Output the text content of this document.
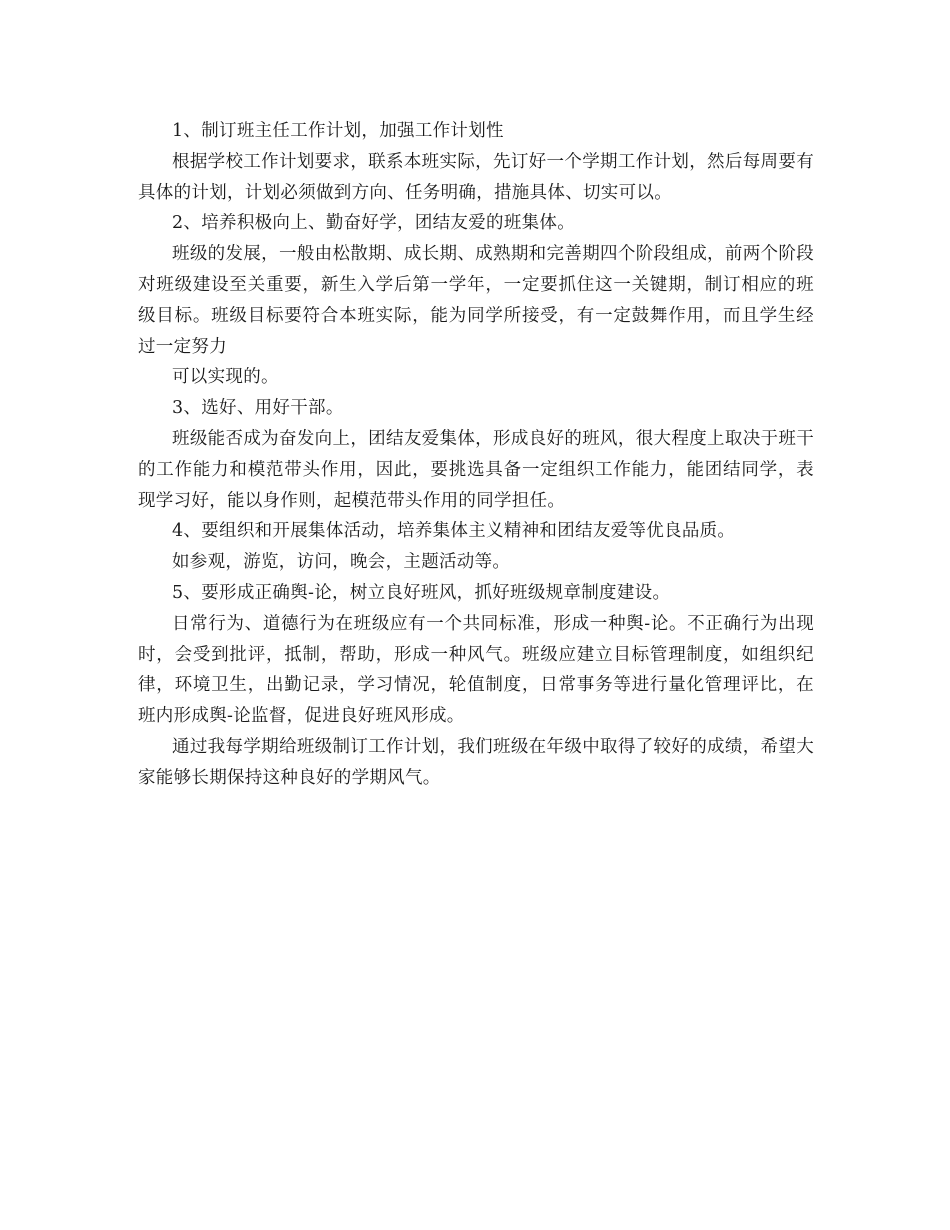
1、制订班主任工作计划，加强工作计划性

根据学校工作计划要求，联系本班实际，先订好一个学期工作计划，然后每周要有具体的计划，计划必须做到方向、任务明确，措施具体、切实可以。

2、培养积极向上、勤奋好学，团结友爱的班集体。

班级的发展，一般由松散期、成长期、成熟期和完善期四个阶段组成，前两个阶段对班级建设至关重要，新生入学后第一学年，一定要抓住这一关键期，制订相应的班级目标。班级目标要符合本班实际，能为同学所接受，有一定鼓舞作用，而且学生经过一定努力

可以实现的。

3、选好、用好干部。

班级能否成为奋发向上，团结友爱集体，形成良好的班风，很大程度上取决于班干的工作能力和模范带头作用，因此，要挑选具备一定组织工作能力，能团结同学，表现学习好，能以身作则，起模范带头作用的同学担任。

4、要组织和开展集体活动，培养集体主义精神和团结友爱等优良品质。

如参观，游览，访问，晚会，主题活动等。

5、要形成正确舆-论，树立良好班风，抓好班级规章制度建设。

日常行为、道德行为在班级应有一个共同标准，形成一种舆-论。不正确行为出现时，会受到批评，抵制，帮助，形成一种风气。班级应建立目标管理制度，如组织纪律，环境卫生，出勤记录，学习情况，轮值制度，日常事务等进行量化管理评比，在班内形成舆-论监督，促进良好班风形成。

通过我每学期给班级制订工作计划，我们班级在年级中取得了较好的成绩，希望大家能够长期保持这种良好的学期风气。
